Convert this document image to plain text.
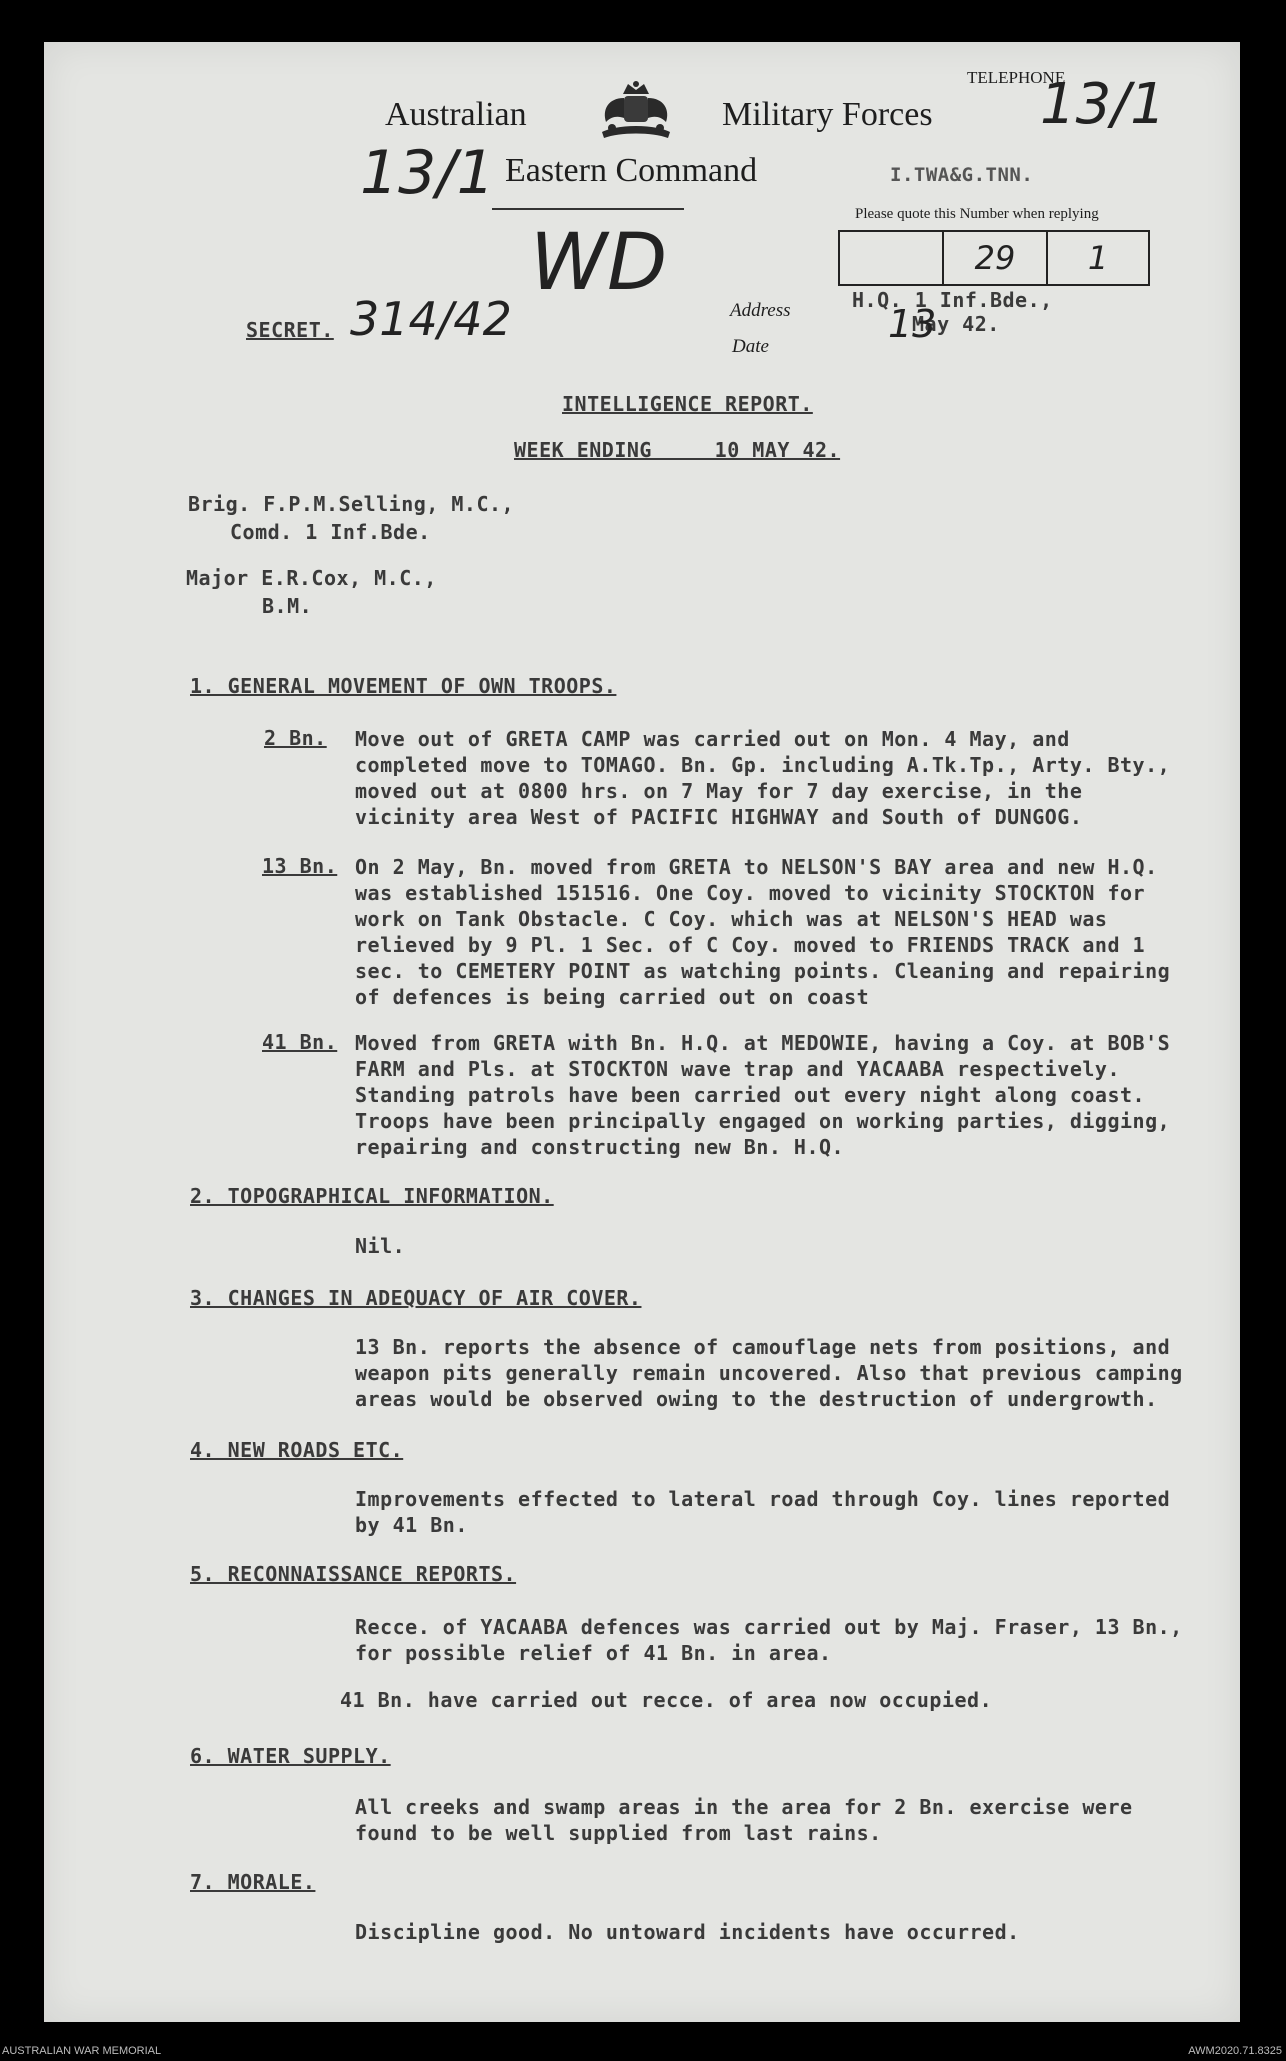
Australian	Military Forces
Eastern Command
TELEPHONE
I.TWA&G.TNN.
Please quote this Number when replying
29	1
Address
Date
H.Q. 1 Inf.Bde.,
May 42.
13/1
13/1
WD
314/42	13
SECRET.
INTELLIGENCE REPORT.
WEEK ENDING     10 MAY 42.
Brig. F.P.M.Selling, M.C.,
Comd. 1 Inf.Bde.
Major E.R.Cox, M.C.,
B.M.
1. GENERAL MOVEMENT OF OWN TROOPS.
2 Bn. Move out of GRETA CAMP was carried out on Mon. 4 May, and completed move to TOMAGO. Bn. Gp. including A.Tk.Tp., Arty. Bty., moved out at 0800 hrs. on 7 May for 7 day exercise, in the vicinity area West of PACIFIC HIGHWAY and South of DUNGOG.
13 Bn. On 2 May, Bn. moved from GRETA to NELSON'S BAY area and new H.Q. was established 151516. One Coy. moved to vicinity STOCKTON for work on Tank Obstacle. C Coy. which was at NELSON'S HEAD was relieved by 9 Pl. 1 Sec. of C Coy. moved to FRIENDS TRACK and 1 sec. to CEMETERY POINT as watching points. Cleaning and repairing of defences is being carried out on coast
41 Bn. Moved from GRETA with Bn. H.Q. at MEDOWIE, having a Coy. at BOB'S FARM and Pls. at STOCKTON wave trap and YACAABA respectively. Standing patrols have been carried out every night along coast. Troops have been principally engaged on working parties, digging, repairing and constructing new Bn. H.Q.
2. TOPOGRAPHICAL INFORMATION.
Nil.
3. CHANGES IN ADEQUACY OF AIR COVER.
13 Bn. reports the absence of camouflage nets from positions, and weapon pits generally remain uncovered. Also that previous camping areas would be observed owing to the destruction of undergrowth.
4. NEW ROADS ETC.
Improvements effected to lateral road through Coy. lines reported by 41 Bn.
5. RECONNAISSANCE REPORTS.
Recce. of YACAABA defences was carried out by Maj. Fraser, 13 Bn., for possible relief of 41 Bn. in area.
41 Bn. have carried out recce. of area now occupied.
6. WATER SUPPLY.
All creeks and swamp areas in the area for 2 Bn. exercise were found to be well supplied from last rains.
7. MORALE.
Discipline good. No untoward incidents have occurred.
AUSTRALIAN WAR MEMORIAL	AWM2020.71.8325
